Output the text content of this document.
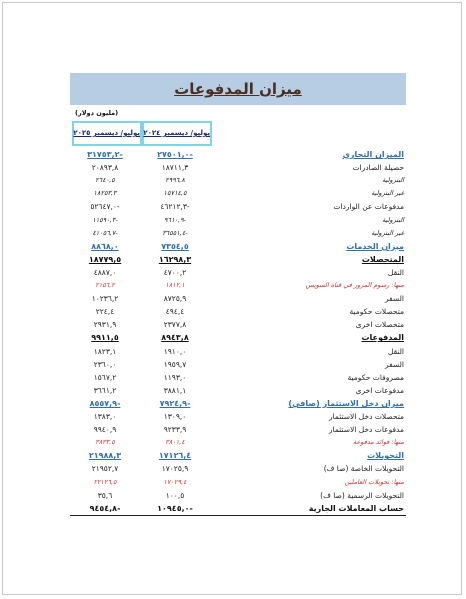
ميزان المدفوعات
(مليون دولار)
يوليو/ ديسمبر ٢٠٢٤
يوليو/ ديسمبر ٢٠٢٥
٣١٧٥٣,٢-	٢٧٥٠١,٠-	الميزان التجاري
٢٠٨٩٣,٨	١٨٧١١,٣	حصيلة الصادرات
٢٦٤٠,٥	٢٩٩٦,٨	البترولية
١٨٢٥٣,٣	١٥٧١٤,٥	غير البترولية
٥٢٦٤٧,٠-	٤٦٢١٢,٣-	مدفوعات عن الواردات
١١٥٩٠,٣-	٩٦١٠,٩-	البترولية
٤١٠٥٦,٧-	٣٦٥٥١,٤-	غير البترولية
٨٨٦٨,٠	٧٣٥٤,٥	ميزان الخدمات
١٨٧٧٩,٥	١٦٢٩٨,٣	المتحصلات
٤٨٨٧,٠	٤٧٠٠,٢	النقل
٢١٥٦,٢	١٨١٢,١	منها: رسوم المرور في قناة السويس
١٠٢٣٦,٢	٨٧٢٥,٩	السفر
٢٢٤,٤	٤٩٤,٤	متحصلات حكومية
٢٩٣١,٩	٢٣٧٧,٨	متحصلات اخرى
٩٩١١,٥	٨٩٤٣,٨	المدفوعات
١٨٢٣,١	١٩١٠,٠	النقل
٢٣٦٠,٠	١٩٥٩,٧	السفر
١٥٦٧,٢	١١٩٣,٠	مصروفات حكومية
٣٦٦١,٢	٣٨٨١,١	مدفوعات اخرى
٨٥٥٧,٩-	٧٩٢٤,٩-	ميزان دخل الاستثمار (صافي)
١٣٨٣,٠	١٣٠٩,٠	متحصلات دخل الاستثمار
٩٩٤٠,٩	٩٢٣٣,٩	مدفوعات دخل الاستثمار
٣٨٣٣,٥	٣٨٠١,٤	منها: فوائد مدفوعة
٢١٩٨٨,٣	١٧١٢٦,٤	التحويلات
٢١٩٥٢,٧	١٧٠٢٥,٩	التحويلات الخاصة (صا ف)
٢٢١٢٦,٥	١٧٠٢٩,٤	منها: تحويلات العاملين
٣٥,٦	١٠٠,٥	التحويلات الرسمية (صا ف)
٩٤٥٤,٨-	١٠٩٤٥,٠-	حساب المعاملات الجارية
